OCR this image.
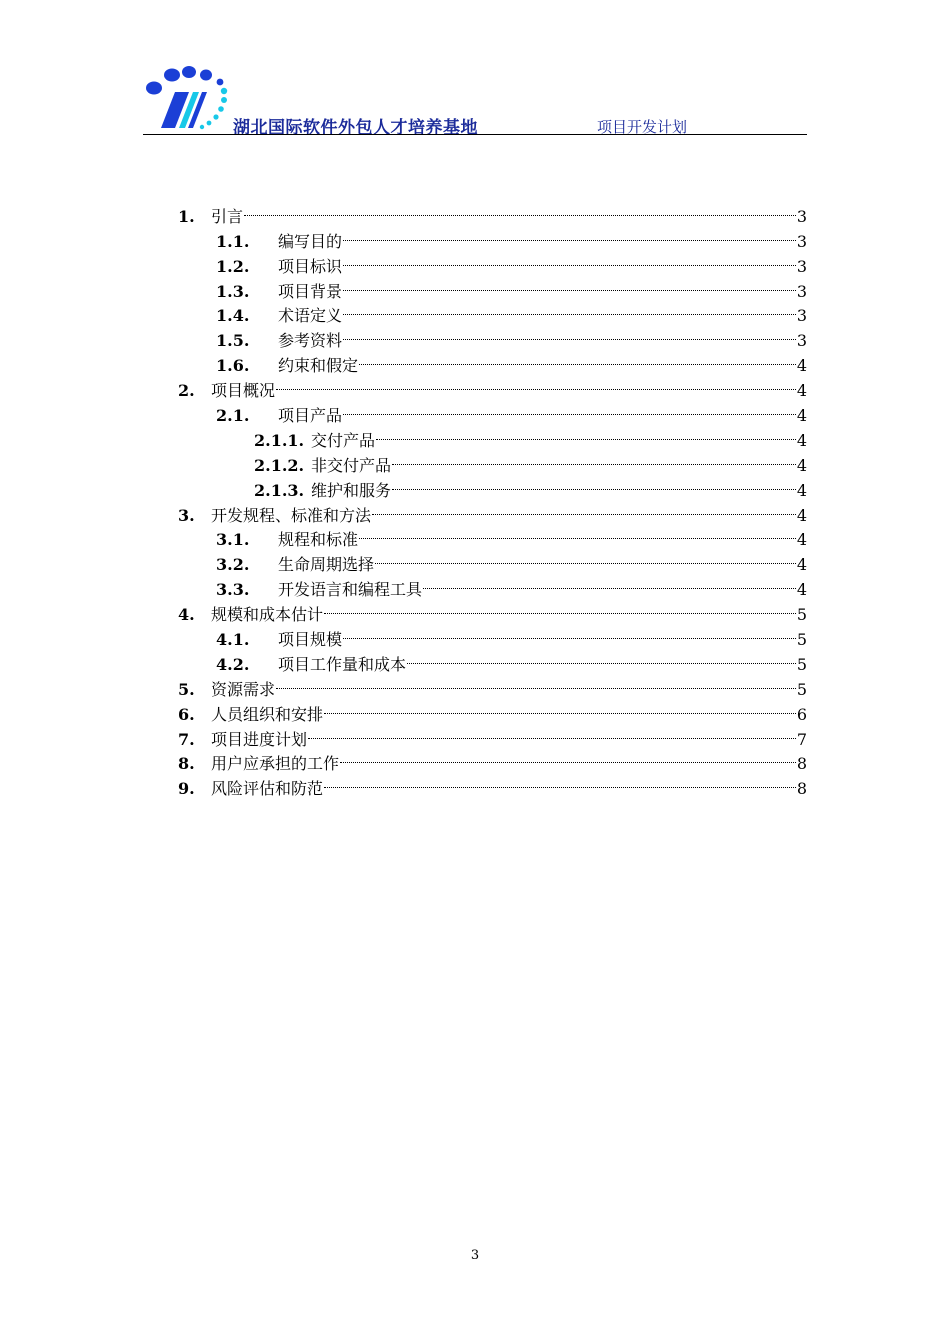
湖北国际软件外包人才培养基地	项目开发计划
1.	引言	3
1.1.	编写目的	3
1.2.	项目标识	3
1.3.	项目背景	3
1.4.	术语定义	3
1.5.	参考资料	3
1.6.	约束和假定	4
2.	项目概况	4
2.1.	项目产品	4
2.1.1. 交付产品	4
2.1.2. 非交付产品	4
2.1.3. 维护和服务	4
3.	开发规程、标准和方法	4
3.1.	规程和标准	4
3.2.	生命周期选择	4
3.3.	开发语言和编程工具	4
4.	规模和成本估计	5
4.1.	项目规模	5
4.2.	项目工作量和成本	5
5.	资源需求	5
6.	人员组织和安排	6
7.	项目进度计划	7
8.	用户应承担的工作	8
9.	风险评估和防范	8
3
